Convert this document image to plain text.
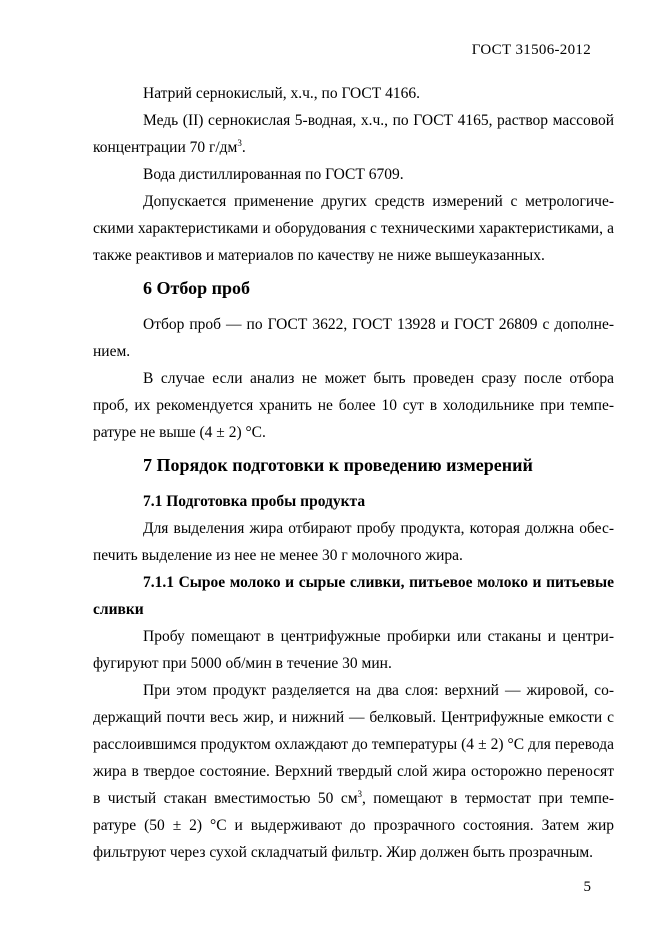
ГОСТ 31506-2012

Натрий сернокислый, х.ч., по ГОСТ 4166.

Медь (II) сернокислая 5-водная, х.ч., по ГОСТ 4165, раствор массовой концентрации 70 $г/дм^3$.

Вода дистиллированная по ГОСТ 6709.

Допускается применение других средств измерений с метрологическими характеристиками и оборудования с техническими характеристиками, а также реактивов и материалов по качеству не ниже вышеуказанных.

6 Отбор проб

Отбор проб — по ГОСТ 3622, ГОСТ 13928 и ГОСТ 26809 с дополнением.

В случае если анализ не может быть проведен сразу после отбора проб, их рекомендуется хранить не более 10 сут в холодильнике при температуре не выше (4 ± 2) °С.

7 Порядок подготовки к проведению измерений

7.1 Подготовка пробы продукта

Для выделения жира отбирают пробу продукта, которая должна обеспечить выделение из нее не менее 30 г молочного жира.

7.1.1 Сырое молоко и сырые сливки, питьевое молоко и питьевые сливки

Пробу помещают в центрифужные пробирки или стаканы и центрифугируют при 5000 об/мин в течение 30 мин.

При этом продукт разделяется на два слоя: верхний — жировой, содержащий почти весь жир, и нижний — белковый. Центрифужные емкости с расслоившимся продуктом охлаждают до температуры (4 ± 2) °С для перевода жира в твердое состояние. Верхний твердый слой жира осторожно переносят в чистый стакан вместимостью 50 $см^3$, помещают в термостат при температуре (50 ± 2) °С и выдерживают до прозрачного состояния. Затем жир фильтруют через сухой складчатый фильтр. Жир должен быть прозрачным.

5
